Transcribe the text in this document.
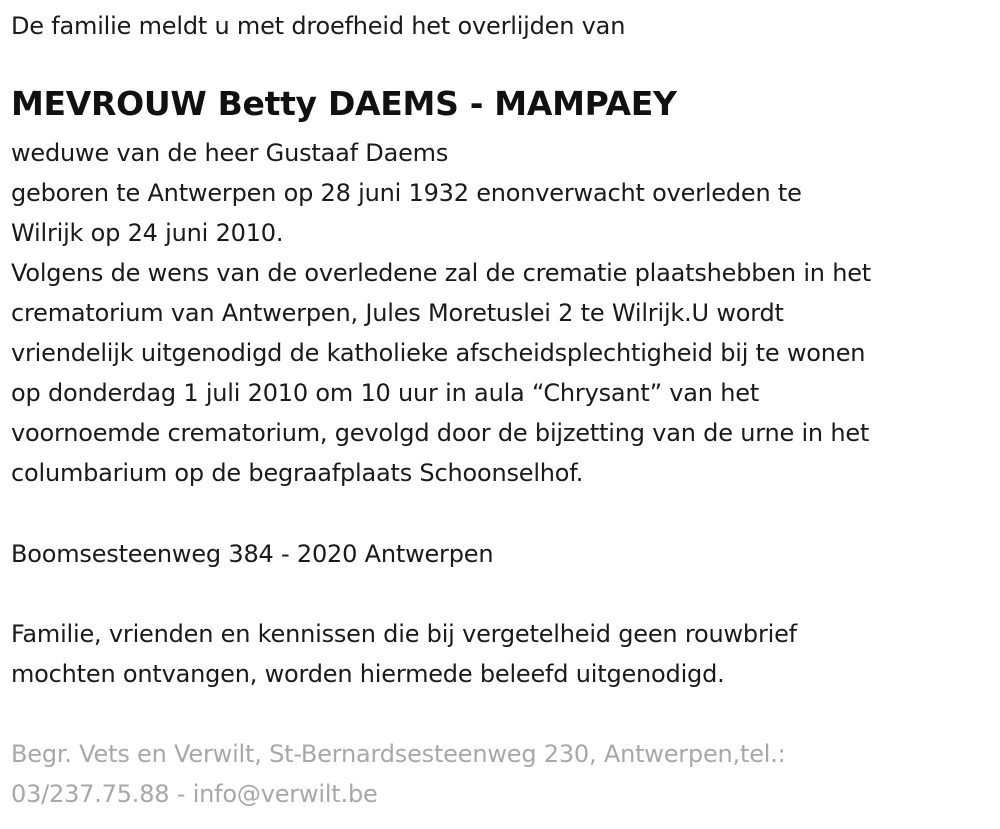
De familie meldt u met droefheid het overlijden van
MEVROUW Betty DAEMS - MAMPAEY
weduwe van de heer Gustaaf Daems
geboren te Antwerpen op 28 juni 1932 enonverwacht overleden te
Wilrijk op 24 juni 2010.
Volgens de wens van de overledene zal de crematie plaatshebben in het
crematorium van Antwerpen, Jules Moretuslei 2 te Wilrijk.U wordt
vriendelijk uitgenodigd de katholieke afscheidsplechtigheid bij te wonen
op donderdag 1 juli 2010 om 10 uur in aula “Chrysant” van het
voornoemde crematorium, gevolgd door de bijzetting van de urne in het
columbarium op de begraafplaats Schoonselhof.
Boomsesteenweg 384 - 2020 Antwerpen
Familie, vrienden en kennissen die bij vergetelheid geen rouwbrief
mochten ontvangen, worden hiermede beleefd uitgenodigd.
Begr. Vets en Verwilt, St-Bernardsesteenweg 230, Antwerpen,tel.:
03/237.75.88 - info@verwilt.be
